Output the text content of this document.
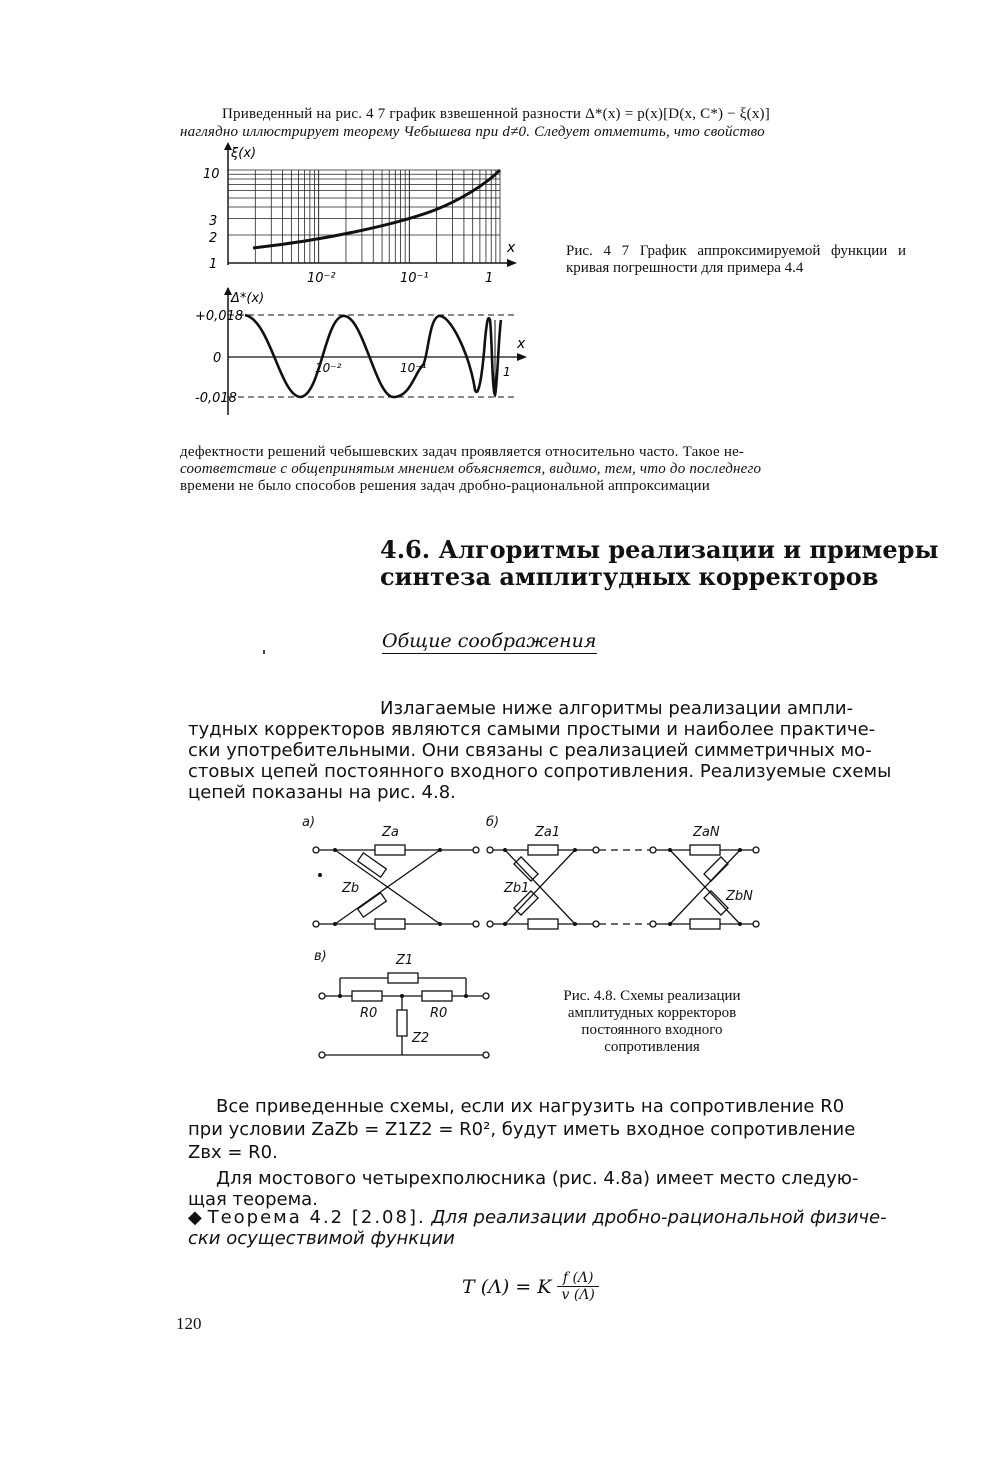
Приведенный на рис. 4 7 график взвешенной разности Δ*(x) = p(x)[D(x, C*) − ξ(x)]
наглядно иллюстрирует теорему Чебышева при d≠0. Следует отметить, что свойство
ξ(x)
x
10
3
2
1
10⁻²	10⁻¹	1
Δ*(x)
x
+0,018
0
-0,018
10⁻²	10⁻¹	1
Рис. 4 7 График аппроксимируемой функции и кривая погрешности для примера 4.4
дефектности решений чебышевских задач проявляется относительно часто. Такое не-
соответствие с общепринятым мнением объясняется, видимо, тем, что до последнего
времени не было способов решения задач дробно-рациональной аппроксимации
4.6. Алгоритмы реализации и примеры
синтеза амплитудных корректоров
Общие соображения
Излагаемые ниже алгоритмы реализации ампли-
тудных корректоров являются самыми простыми и наиболее практиче-
ски употребительными. Они связаны с реализацией симметричных мо-
стовых цепей постоянного входного сопротивления. Реализуемые схемы
цепей показаны на рис. 4.8.
a)	б)
в)
Za
Zb
Za1
Zb1
ZaN
ZbN
Z1
Z2
R0	R0
Рис. 4.8. Схемы реализации амплитудных корректоров постоянного входного сопротивления
Все приведенные схемы, если их нагрузить на сопротивление R0
при условии ZaZb = Z1Z2 = R0², будут иметь входное сопротивление
Zвх = R0.
Для мостового четырехполюсника (рис. 4.8а) имеет место следую-
щая теорема.
◆ Теорема 4.2 [2.08]. Для реализации дробно-рациональной физиче-
ски осуществимой функции
T (Λ) = K f (Λ)
v (Λ)
120
